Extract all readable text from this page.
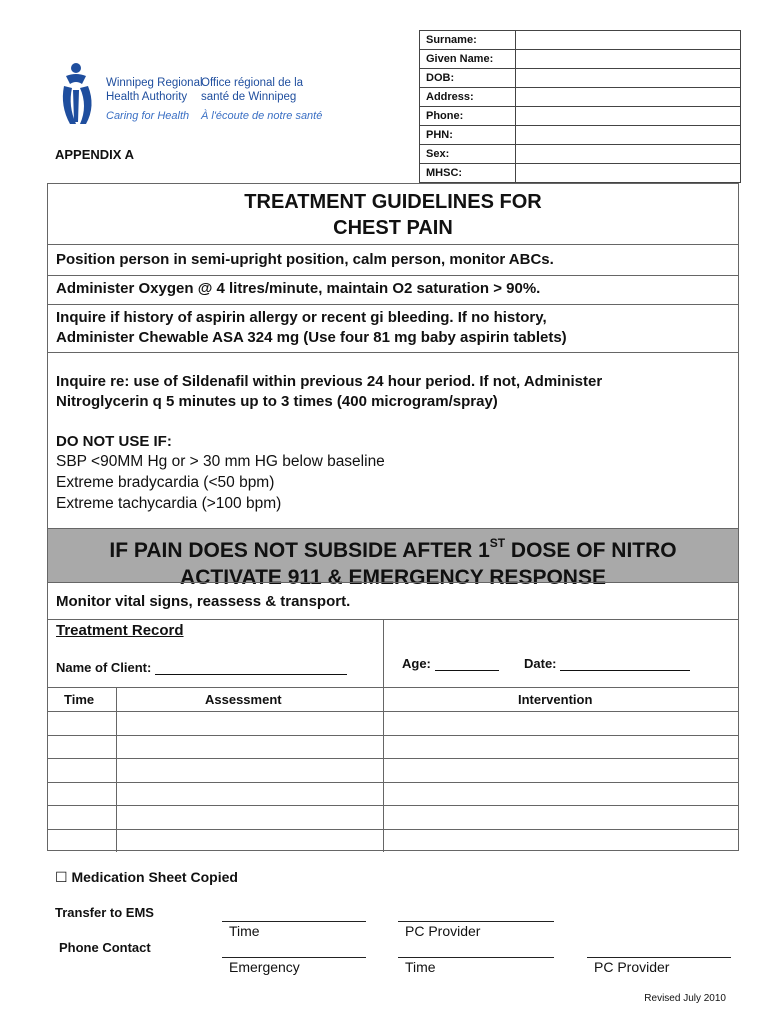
Surname:
Given Name:
DOB:
Address:
Phone:
PHN:
Sex:
MHSC:
Winnipeg Regional
Health Authority
Office régional de la
santé de Winnipeg
Caring for Health À l'écoute de notre santé
APPENDIX A
TREATMENT GUIDELINES FOR
CHEST PAIN
Position person in semi-upright position, calm person, monitor ABCs.
Administer Oxygen @ 4 litres/minute, maintain O2 saturation > 90%.
Inquire if history of aspirin allergy or recent gi bleeding. If no history,
Administer Chewable ASA 324 mg (Use four 81 mg baby aspirin tablets)
Inquire re: use of Sildenafil within previous 24 hour period. If not, Administer
Nitroglycerin q 5 minutes up to 3 times (400 microgram/spray)
DO NOT USE IF:
SBP <90MM Hg or > 30 mm HG below baseline
Extreme bradycardia (<50 bpm)
Extreme tachycardia (>100 bpm)
IF PAIN DOES NOT SUBSIDE AFTER 1ST DOSE OF NITRO
ACTIVATE 911 & EMERGENCY RESPONSE
Monitor vital signs, reassess & transport.
Treatment Record
Name of Client:	Age:	Date:
Time	Assessment	Intervention
☐ Medication Sheet Copied
Transfer to EMS
Phone Contact
Time	PC Provider
Emergency	Time	PC Provider
Revised July 2010
